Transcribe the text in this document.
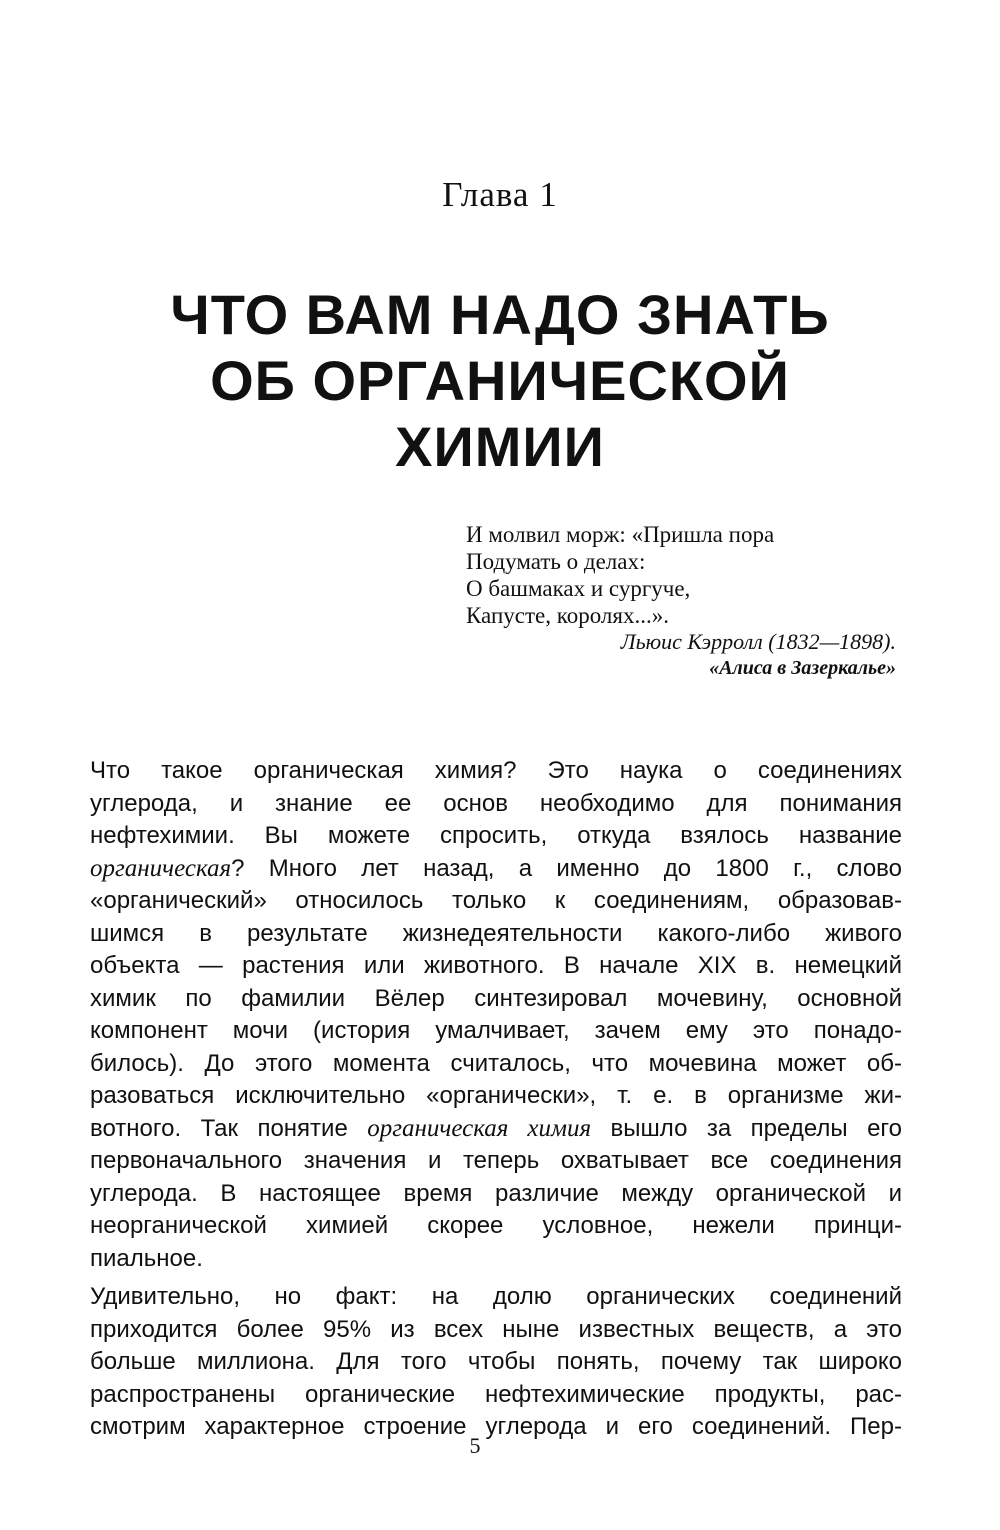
Глава 1
ЧТО ВАМ НАДО ЗНАТЬ
ОБ ОРГАНИЧЕСКОЙ
ХИМИИ
И молвил морж: «Пришла пора
Подумать о делах:
О башмаках и сургуче,
Капусте, королях...».
Льюис Кэрролл (1832—1898).
«Алиса в Зазеркалье»
Что такое органическая химия? Это наука о соединениях
углерода, и знание ее основ необходимо для понимания
нефтехимии. Вы можете спросить, откуда взялось название
органическая? Много лет назад, а именно до 1800 г., слово
«органический» относилось только к соединениям, образовав-
шимся в результате жизнедеятельности какого-либо живого
объекта — растения или животного. В начале XIX в. немецкий
химик по фамилии Вёлер синтезировал мочевину, основной
компонент мочи (история умалчивает, зачем ему это понадо-
билось). До этого момента считалось, что мочевина может об-
разоваться исключительно «органически», т. е. в организме жи-
вотного. Так понятие органическая химия вышло за пределы его
первоначального значения и теперь охватывает все соединения
углерода. В настоящее время различие между органической и
неорганической химией скорее условное, нежели принци-
пиальное.
Удивительно, но факт: на долю органических соединений
приходится более 95% из всех ныне известных веществ, а это
больше миллиона. Для того чтобы понять, почему так широко
распространены органические нефтехимические продукты, рас-
смотрим характерное строение углерода и его соединений. Пер-
5
